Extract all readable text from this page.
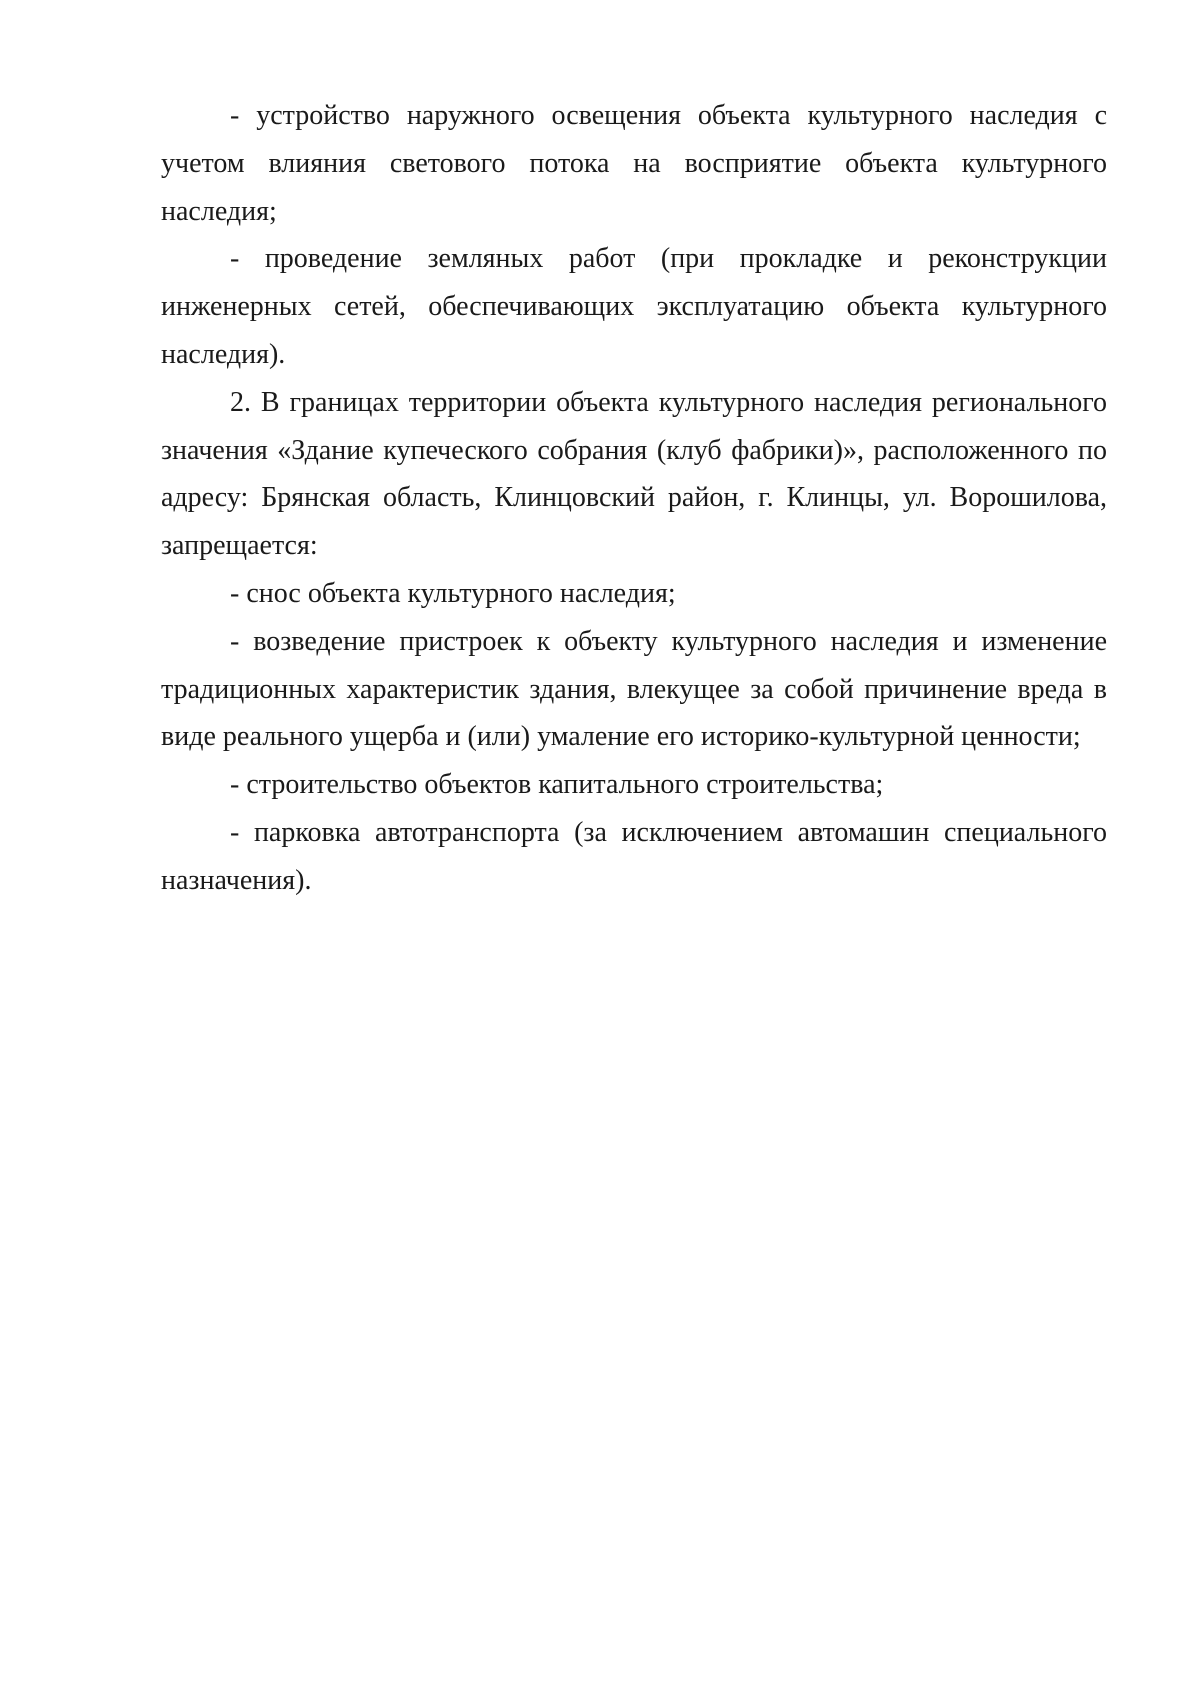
- устройство наружного освещения объекта культурного наследия с учетом влияния светового потока на восприятие объекта культурного наследия;

- проведение земляных работ (при прокладке и реконструкции инженерных сетей, обеспечивающих эксплуатацию объекта культурного наследия).

2. В границах территории объекта культурного наследия регионального значения «Здание купеческого собрания (клуб фабрики)», расположенного по адресу: Брянская область, Клинцовский район, г. Клинцы, ул. Ворошилова, запрещается:

- снос объекта культурного наследия;

- возведение пристроек к объекту культурного наследия и изменение традиционных характеристик здания, влекущее за собой причинение вреда в виде реального ущерба и (или) умаление его историко-культурной ценности;

- строительство объектов капитального строительства;

- парковка автотранспорта (за исключением автомашин специального назначения).
